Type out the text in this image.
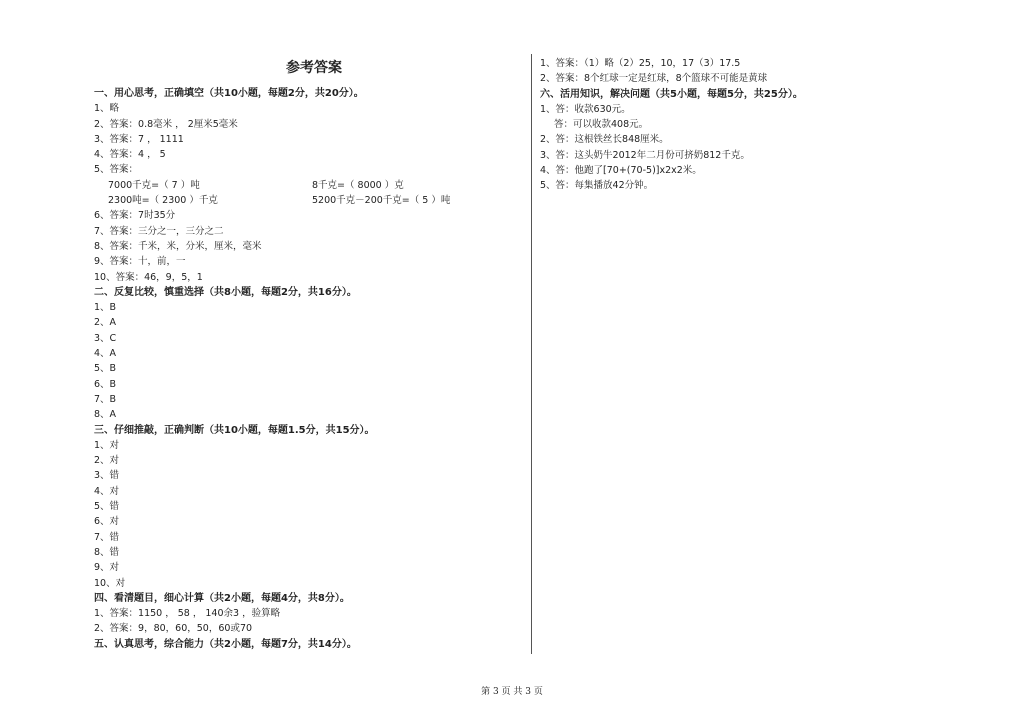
参考答案
一、用心思考，正确填空（共10小题，每题2分，共20分）。
1、略
2、答案：0.8毫米 ， 2厘米5毫米
3、答案：7 ， 1111
4、答案：4 ， 5
5、答案：
7000千克=（ 7 ）吨	8千克=（ 8000 ）克
2300吨=（ 2300 ）千克	5200千克－200千克=（ 5 ）吨
6、答案：7时35分
7、答案：三分之一，三分之二
8、答案：千米，米，分米，厘米，毫米
9、答案：十，前，一
10、答案：46，9，5，1
二、反复比较，慎重选择（共8小题，每题2分，共16分）。
1、B
2、A
3、C
4、A
5、B
6、B
7、B
8、A
三、仔细推敲，正确判断（共10小题，每题1.5分，共15分）。
1、对
2、对
3、错
4、对
5、错
6、对
7、错
8、错
9、对
10、对
四、看清题目，细心计算（共2小题，每题4分，共8分）。
1、答案：1150 ， 58 ， 140余3 ，验算略
2、答案：9，80，60，50，60或70
五、认真思考，综合能力（共2小题，每题7分，共14分）。
1、答案：（1）略（2）25，10，17（3）17.5
2、答案：8个红球一定是红球，8个篮球不可能是黄球
六、活用知识，解决问题（共5小题，每题5分，共25分）。
1、答：收款630元。
答：可以收款408元。
2、答：这根铁丝长848厘米。
3、答：这头奶牛2012年二月份可挤奶812千克。
4、答：他跑了[70+(70-5)]x2x2米。
5、答：每集播放42分钟。
第 3 页 共 3 页
